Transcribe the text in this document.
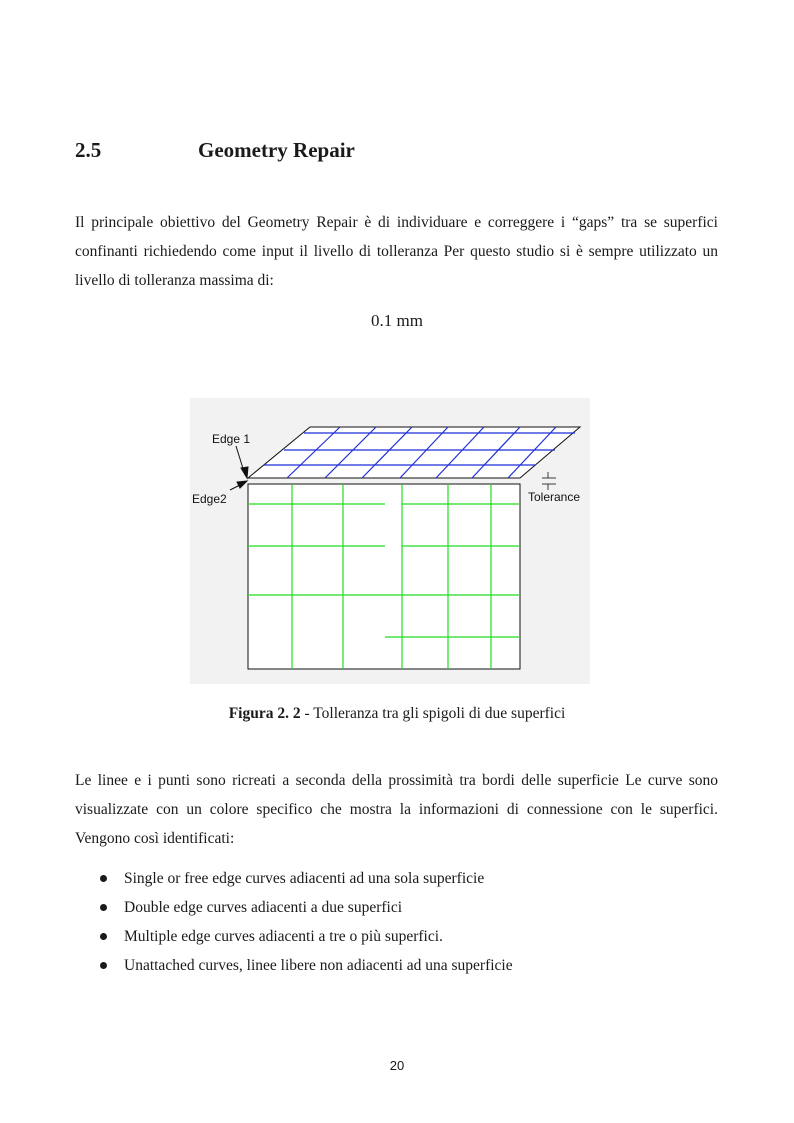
2.5	Geometry Repair
Il principale obiettivo del Geometry Repair è di individuare e correggere i “gaps” tra se superfici
confinanti richiedendo come input il livello di tolleranza Per questo studio si è sempre utilizzato un
livello di tolleranza massima di:
0.1 mm
Edge 1
Edge2	Tolerance
Figura 2. 2 - Tolleranza tra gli spigoli di due superfici
Le linee e i punti sono ricreati a seconda della prossimità tra bordi delle superficie Le curve sono
visualizzate con un colore specifico che mostra la informazioni di connessione con le superfici.
Vengono così identificati:
Single or free edge curves adiacenti ad una sola superficie
Double edge curves adiacenti a due superfici
Multiple edge curves adiacenti a tre o più superfici.
Unattached curves, linee libere non adiacenti ad una superficie
20
